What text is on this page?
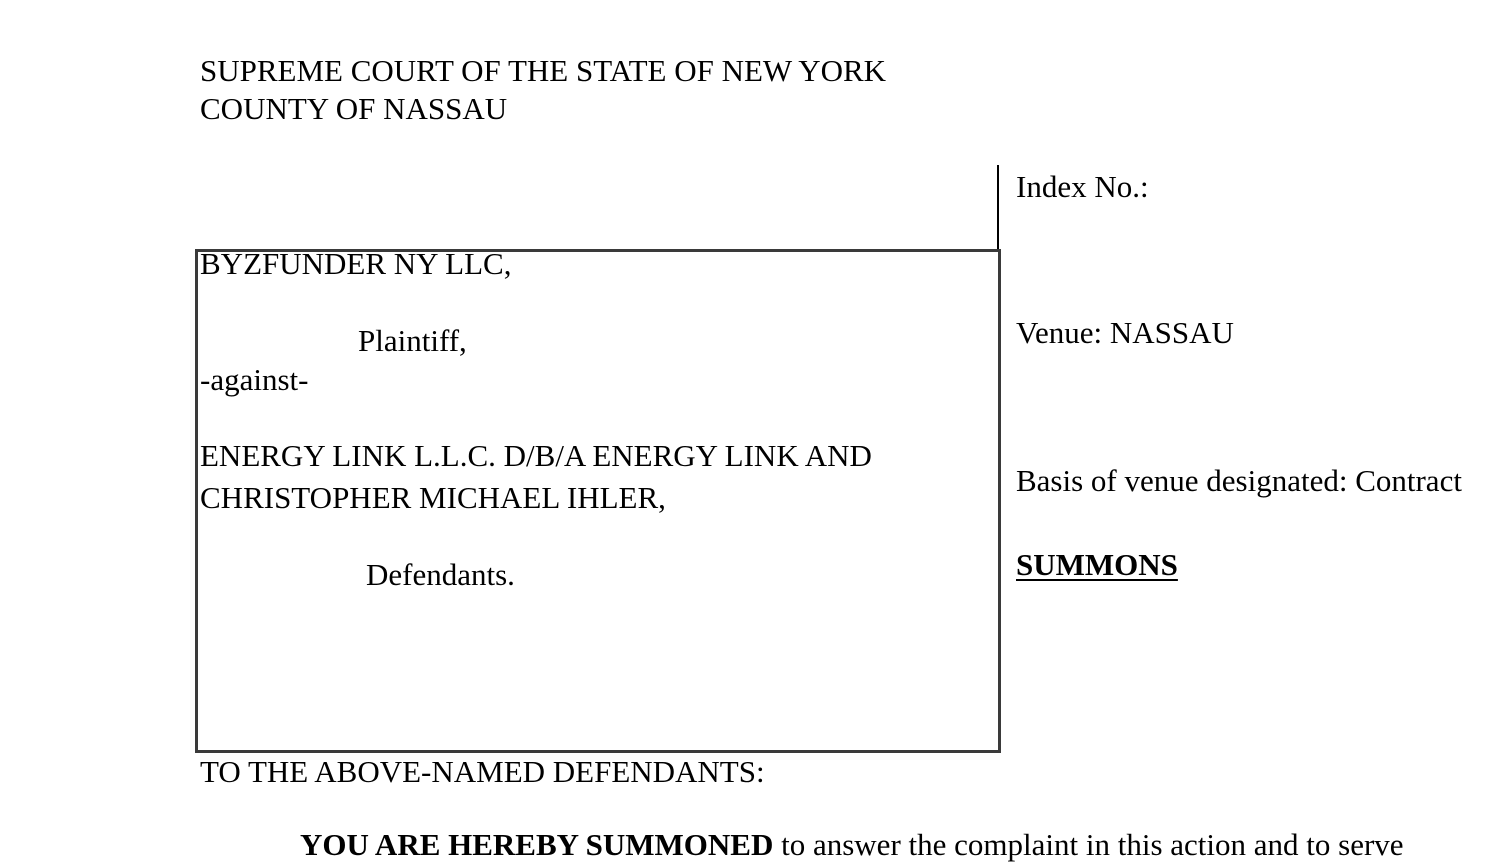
SUPREME COURT OF THE STATE OF NEW YORK
COUNTY OF NASSAU
BYZFUNDER NY LLC,
Plaintiff,
-against-
ENERGY LINK L.L.C. D/B/A ENERGY LINK AND
CHRISTOPHER MICHAEL IHLER,
Defendants.
Index No.:
Venue: NASSAU
Basis of venue designated: Contract
SUMMONS
TO THE ABOVE-NAMED DEFENDANTS:
YOU ARE HEREBY SUMMONED to answer the complaint in this action and to serve
